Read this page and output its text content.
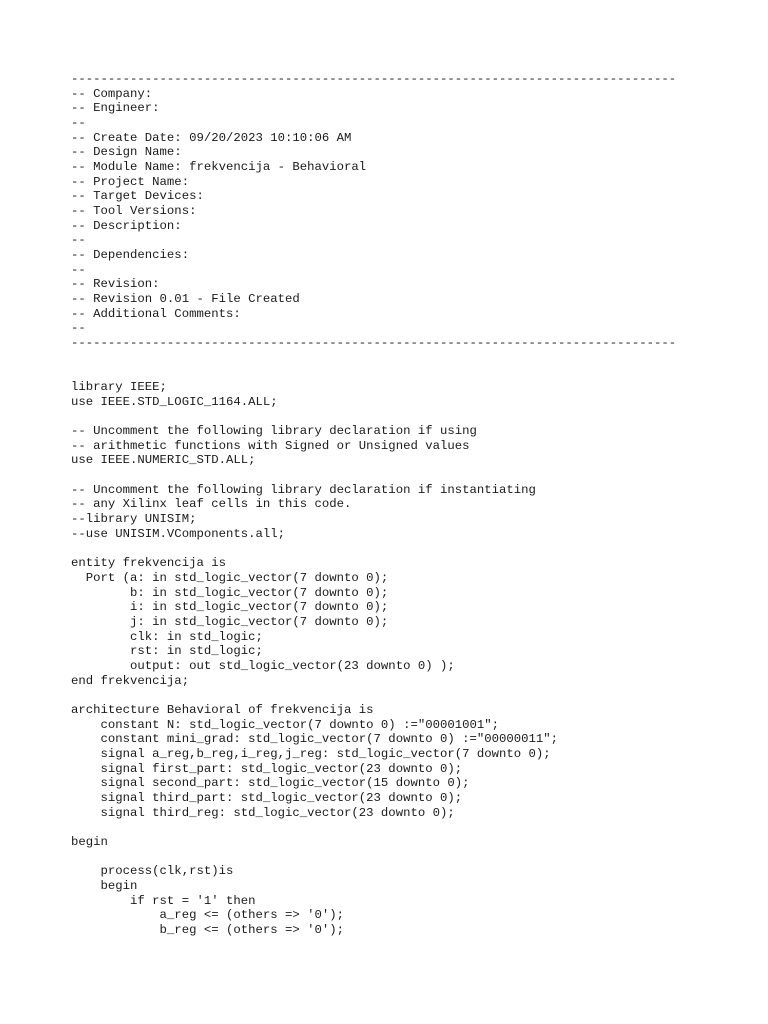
----------------------------------------------------------------------------------
-- Company:
-- Engineer:
--
-- Create Date: 09/20/2023 10:10:06 AM
-- Design Name:
-- Module Name: frekvencija - Behavioral
-- Project Name:
-- Target Devices:
-- Tool Versions:
-- Description:
--
-- Dependencies:
--
-- Revision:
-- Revision 0.01 - File Created
-- Additional Comments:
--
----------------------------------------------------------------------------------
library IEEE;
use IEEE.STD_LOGIC_1164.ALL;
-- Uncomment the following library declaration if using
-- arithmetic functions with Signed or Unsigned values
use IEEE.NUMERIC_STD.ALL;
-- Uncomment the following library declaration if instantiating
-- any Xilinx leaf cells in this code.
--library UNISIM;
--use UNISIM.VComponents.all;
entity frekvencija is
Port (a: in std_logic_vector(7 downto 0);
b: in std_logic_vector(7 downto 0);
i: in std_logic_vector(7 downto 0);
j: in std_logic_vector(7 downto 0);
clk: in std_logic;
rst: in std_logic;
output: out std_logic_vector(23 downto 0) );
end frekvencija;
architecture Behavioral of frekvencija is
constant N: std_logic_vector(7 downto 0) :="00001001";
constant mini_grad: std_logic_vector(7 downto 0) :="00000011";
signal a_reg,b_reg,i_reg,j_reg: std_logic_vector(7 downto 0);
signal first_part: std_logic_vector(23 downto 0);
signal second_part: std_logic_vector(15 downto 0);
signal third_part: std_logic_vector(23 downto 0);
signal third_reg: std_logic_vector(23 downto 0);
begin
process(clk,rst)is
begin
if rst = '1' then
a_reg <= (others => '0');
b_reg <= (others => '0');
